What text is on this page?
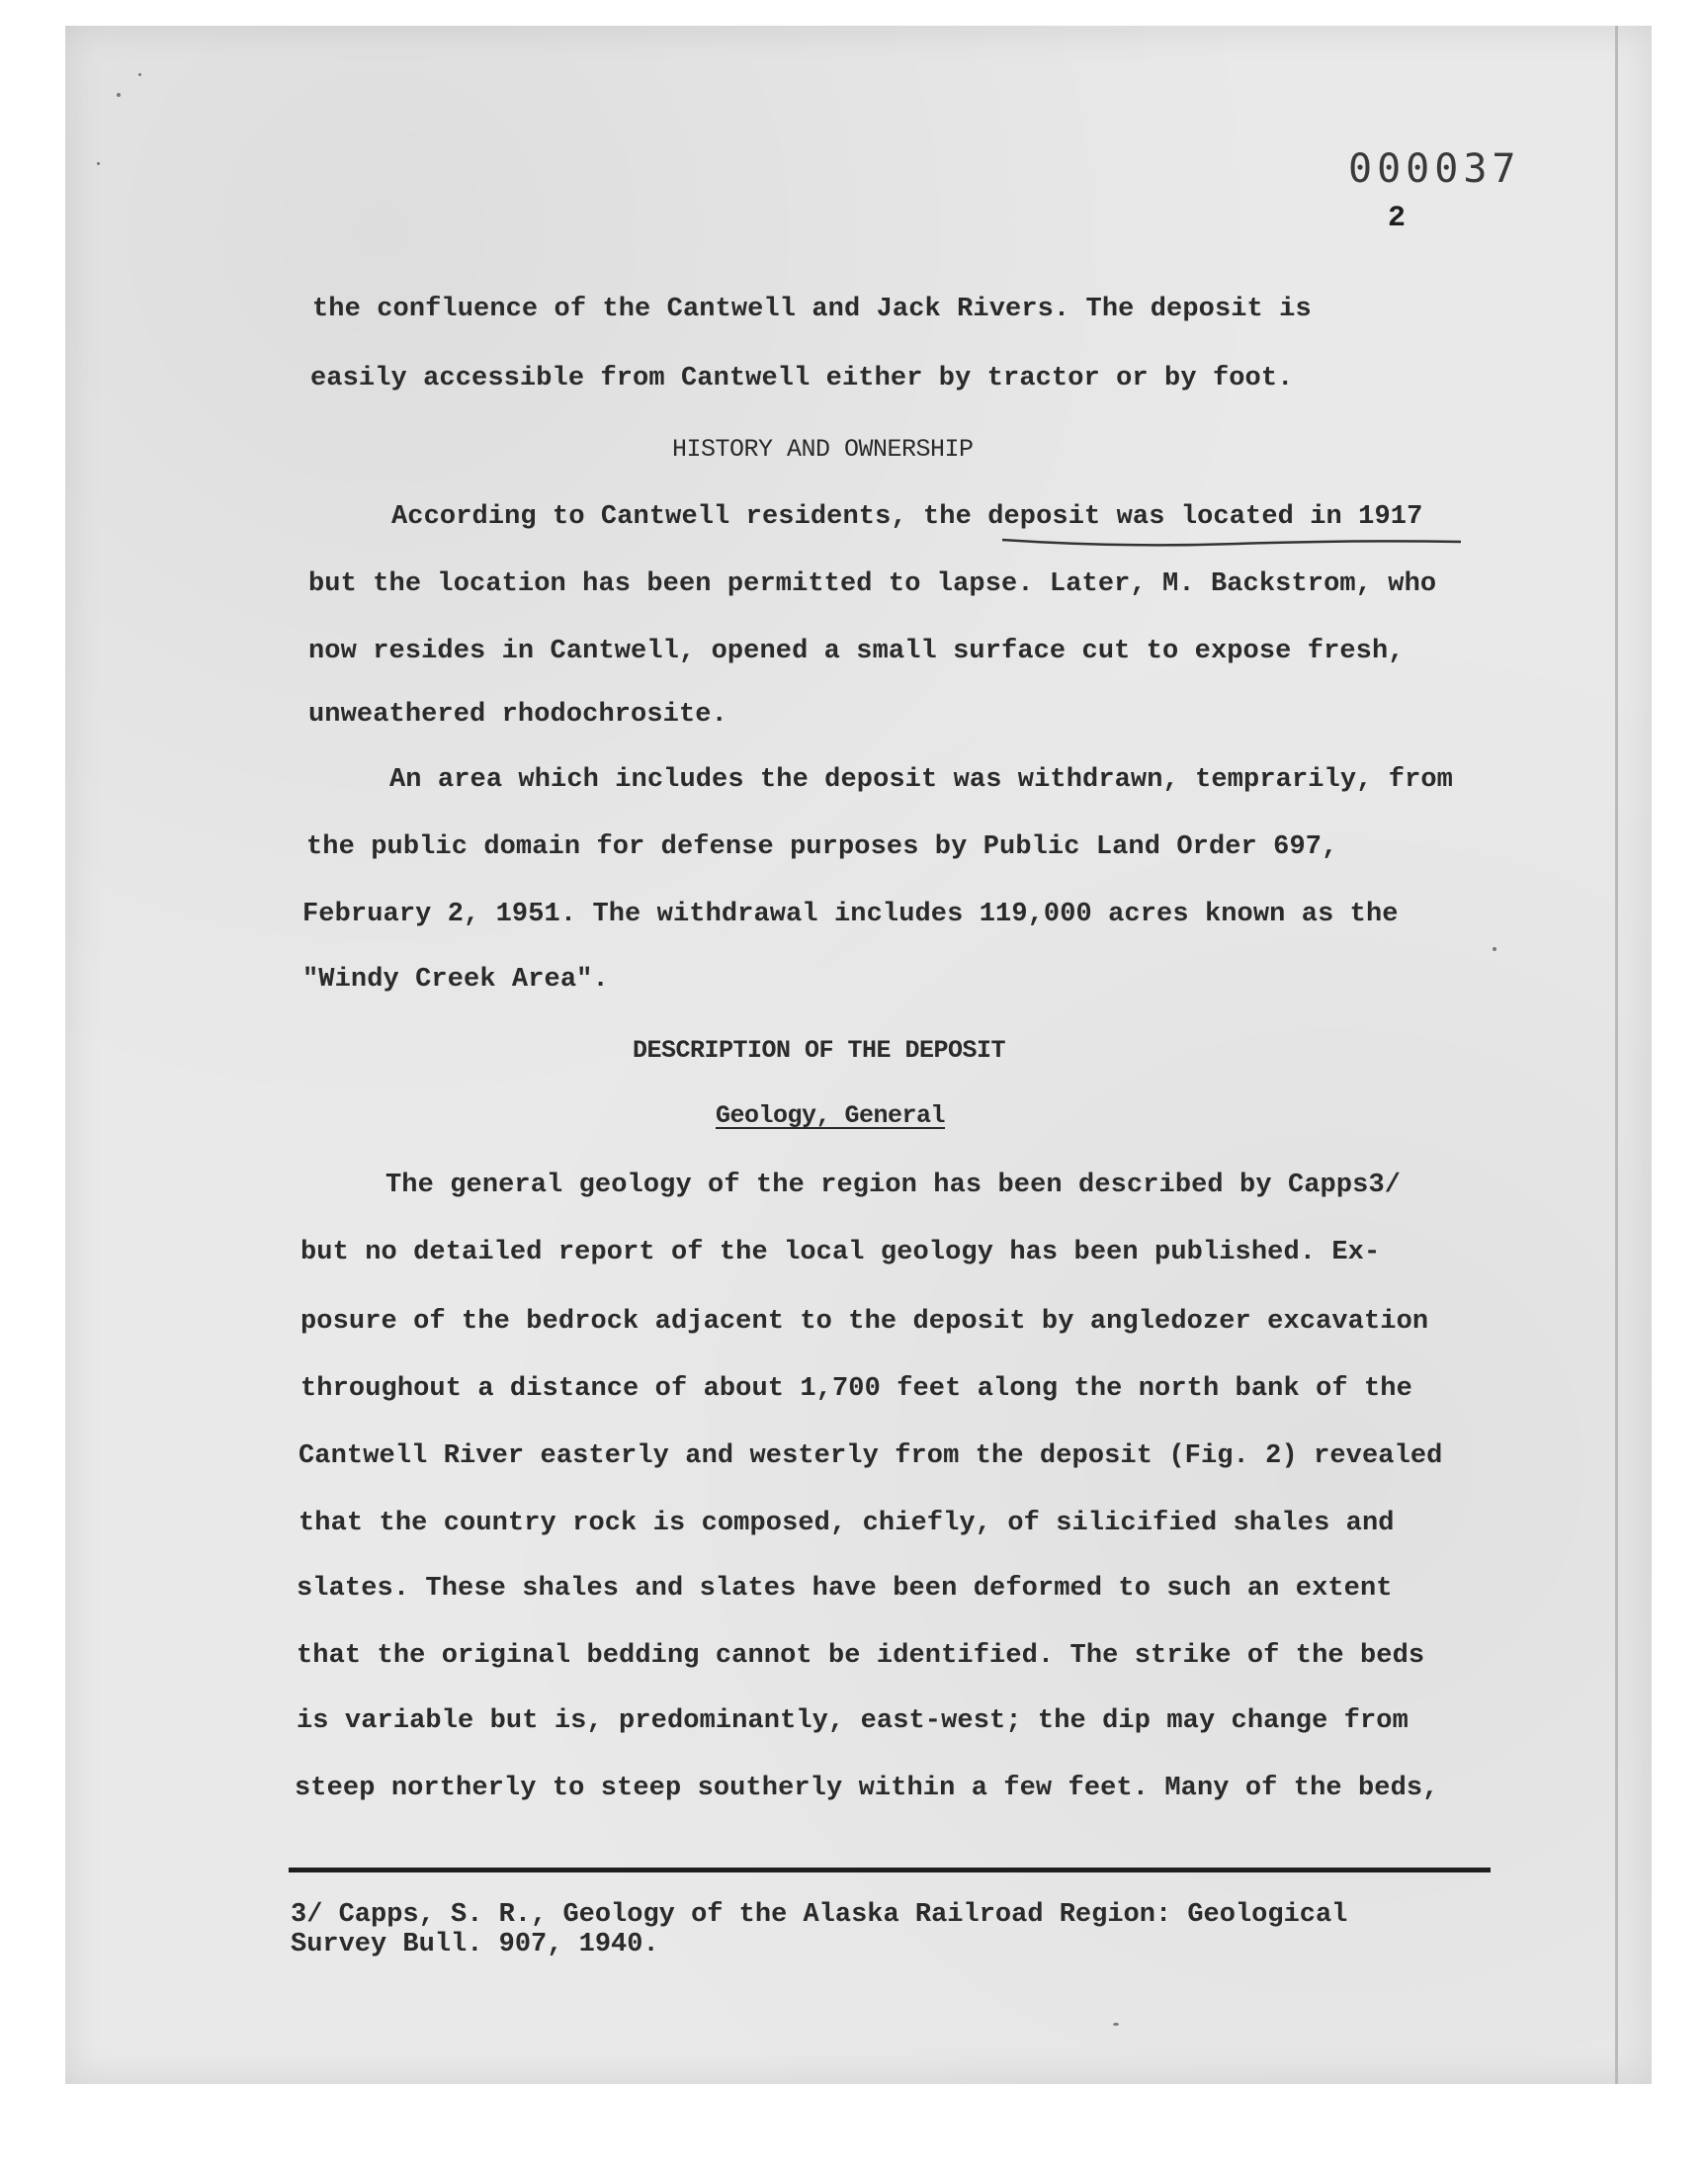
000037
2
the confluence of the Cantwell and Jack Rivers. The deposit is
easily accessible from Cantwell either by tractor or by foot.
HISTORY AND OWNERSHIP
According to Cantwell residents, the deposit was located in 1917
but the location has been permitted to lapse. Later, M. Backstrom, who
now resides in Cantwell, opened a small surface cut to expose fresh,
unweathered rhodochrosite.
An area which includes the deposit was withdrawn, temprarily, from
the public domain for defense purposes by Public Land Order 697,
February 2, 1951. The withdrawal includes 119,000 acres known as the
"Windy Creek Area".
DESCRIPTION OF THE DEPOSIT
Geology, General
The general geology of the region has been described by Capps3/
but no detailed report of the local geology has been published. Ex-
posure of the bedrock adjacent to the deposit by angledozer excavation
throughout a distance of about 1,700 feet along the north bank of the
Cantwell River easterly and westerly from the deposit (Fig. 2) revealed
that the country rock is composed, chiefly, of silicified shales and
slates. These shales and slates have been deformed to such an extent
that the original bedding cannot be identified. The strike of the beds
is variable but is, predominantly, east-west; the dip may change from
steep northerly to steep southerly within a few feet. Many of the beds,
3/ Capps, S. R., Geology of the Alaska Railroad Region: Geological
Survey Bull. 907, 1940.
